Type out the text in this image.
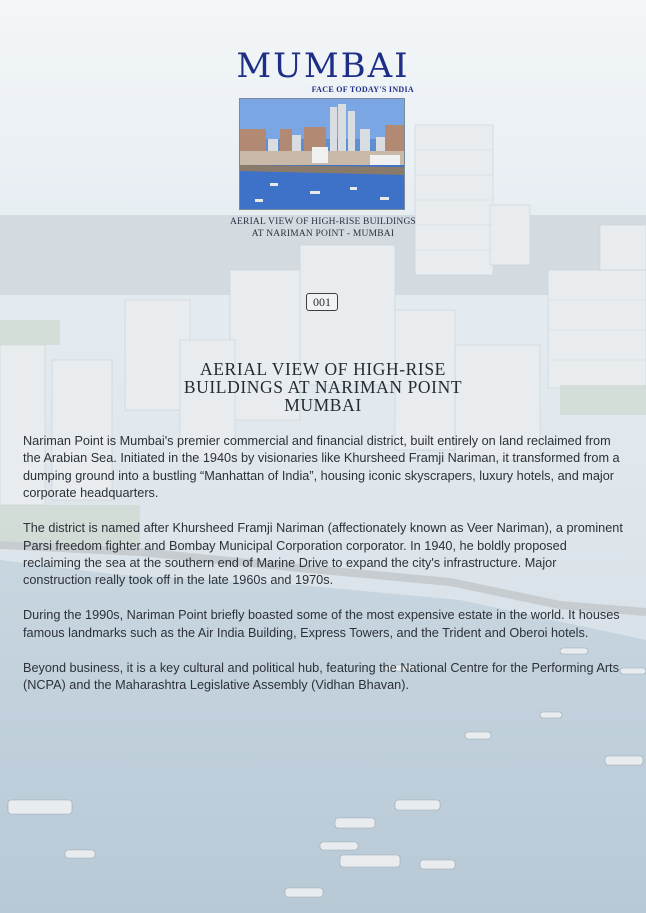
MUMBAI
FACE OF TODAY'S INDIA
AERIAL VIEW OF HIGH-RISE BUILDINGS
AT NARIMAN POINT - MUMBAI
001
AERIAL VIEW OF HIGH-RISE
BUILDINGS AT NARIMAN POINT
MUMBAI

Nariman Point is Mumbai's premier commercial and financial district, built entirely on land reclaimed from the Arabian Sea. Initiated in the 1940s by visionaries like Khursheed Framji Nariman, it transformed from a dumping ground into a bustling “Manhattan of India”, housing iconic skyscrapers, luxury hotels, and major corporate headquarters.

The district is named after Khursheed Framji Nariman (affectionately known as Veer Nariman), a prominent Parsi freedom fighter and Bombay Municipal Corporation corporator. In 1940, he boldly proposed reclaiming the sea at the southern end of Marine Drive to expand the city's infrastructure. Major construction really took off in the late 1960s and 1970s.

During the 1990s, Nariman Point briefly boasted some of the most expensive estate in the world. It houses famous landmarks such as the Air India Building, Express Towers, and the Trident and Oberoi hotels.

Beyond business, it is a key cultural and political hub, featuring the National Centre for the Performing Arts (NCPA) and the Maharashtra Legislative Assembly (Vidhan Bhavan).
